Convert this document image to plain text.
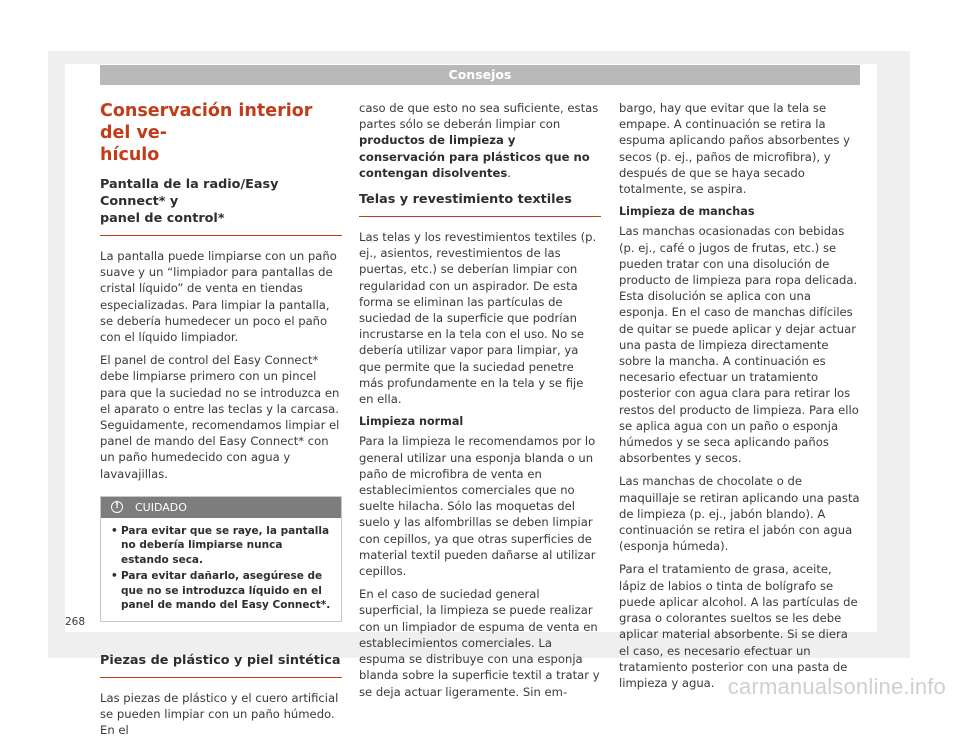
Consejos
Conservación interior del ve-
hículo
Pantalla de la radio/Easy Connect* y
panel de control*

La pantalla puede limpiarse con un paño suave y un “limpiador para pantallas de cristal líquido” de venta en tiendas especializadas. Para limpiar la pantalla, se debería humedecer un poco el paño con el líquido limpiador.

El panel de control del Easy Connect* debe limpiarse primero con un pincel para que la suciedad no se introduzca en el aparato o entre las teclas y la carcasa. Seguidamente, recomendamos limpiar el panel de mando del Easy Connect* con un paño humedecido con agua y lavavajillas.

!	CUIDADO
• Para evitar que se raye, la pantalla no debería limpiarse nunca estando seca.
• Para evitar dañarlo, asegúrese de que no se introduzca líquido en el panel de mando del Easy Connect*.
Piezas de plástico y piel sintética

Las piezas de plástico y el cuero artificial se pueden limpiar con un paño húmedo. En el

caso de que esto no sea suficiente, estas partes sólo se deberán limpiar con productos de limpieza y conservación para plásticos que no contengan disolventes.

Telas y revestimiento textiles

Las telas y los revestimientos textiles (p. ej., asientos, revestimientos de las puertas, etc.) se deberían limpiar con regularidad con un aspirador. De esta forma se eliminan las partículas de suciedad de la superficie que podrían incrustarse en la tela con el uso. No se debería utilizar vapor para limpiar, ya que permite que la suciedad penetre más profundamente en la tela y se fije en ella.

Limpieza normal

Para la limpieza le recomendamos por lo general utilizar una esponja blanda o un paño de microfibra de venta en establecimientos comerciales que no suelte hilacha. Sólo las moquetas del suelo y las alfombrillas se deben limpiar con cepillos, ya que otras superficies de material textil pueden dañarse al utilizar cepillos.

En el caso de suciedad general superficial, la limpieza se puede realizar con un limpiador de espuma de venta en establecimientos comerciales. La espuma se distribuye con una esponja blanda sobre la superficie textil a tratar y se deja actuar ligeramente. Sin em-

bargo, hay que evitar que la tela se empape. A continuación se retira la espuma aplicando paños absorbentes y secos (p. ej., paños de microfibra), y después de que se haya secado totalmente, se aspira.

Limpieza de manchas

Las manchas ocasionadas con bebidas (p. ej., café o jugos de frutas, etc.) se pueden tratar con una disolución de producto de limpieza para ropa delicada. Esta disolución se aplica con una esponja. En el caso de manchas difíciles de quitar se puede aplicar y dejar actuar una pasta de limpieza directamente sobre la mancha. A continuación es necesario efectuar un tratamiento posterior con agua clara para retirar los restos del producto de limpieza. Para ello se aplica agua con un paño o esponja húmedos y se seca aplicando paños absorbentes y secos.

Las manchas de chocolate o de maquillaje se retiran aplicando una pasta de limpieza (p. ej., jabón blando). A continuación se retira el jabón con agua (esponja húmeda).

Para el tratamiento de grasa, aceite, lápiz de labios o tinta de bolígrafo se puede aplicar alcohol. A las partículas de grasa o colorantes sueltos se les debe aplicar material absorbente. Si se diera el caso, es necesario efectuar un tratamiento posterior con una pasta de limpieza y agua.

268
carmanualsonline.info
